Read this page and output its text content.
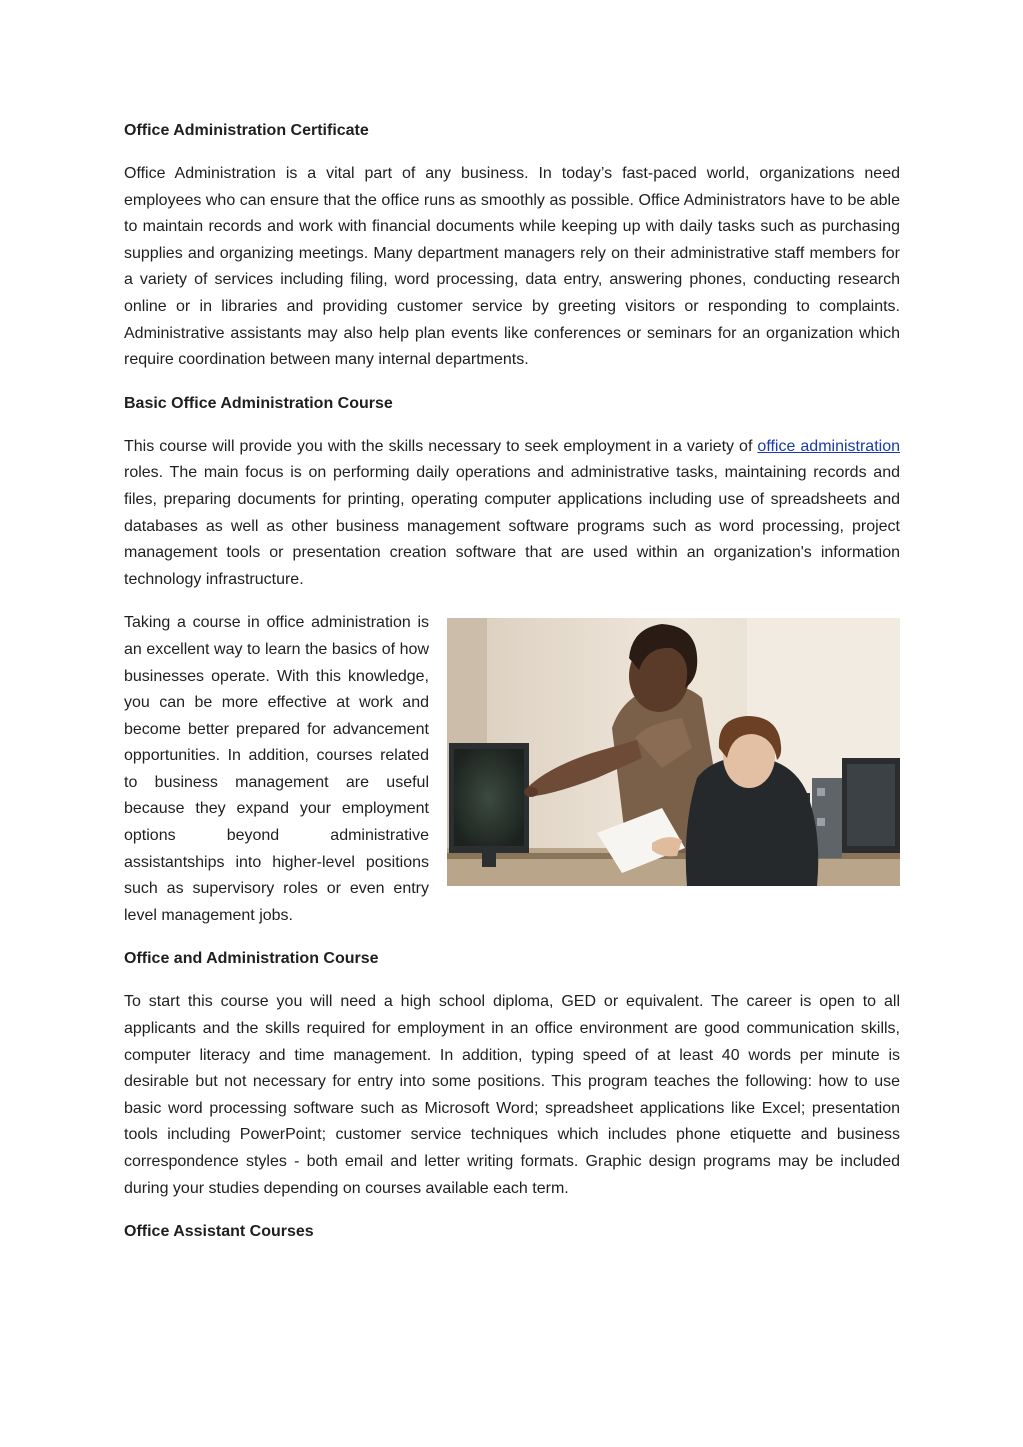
Office Administration Certificate

Office Administration is a vital part of any business. In today’s fast-paced world, organizations need employees who can ensure that the office runs as smoothly as possible. Office Administrators have to be able to maintain records and work with financial documents while keeping up with daily tasks such as purchasing supplies and organizing meetings. Many department managers rely on their administrative staff members for a variety of services including filing, word processing, data entry, answering phones, conducting research online or in libraries and providing customer service by greeting visitors or responding to complaints. Administrative assistants may also help plan events like conferences or seminars for an organization which require coordination between many internal departments.

Basic Office Administration Course

This course will provide you with the skills necessary to seek employment in a variety of office administration roles. The main focus is on performing daily operations and administrative tasks, maintaining records and files, preparing documents for printing, operating computer applications including use of spreadsheets and databases as well as other business management software programs such as word processing, project management tools or presentation creation software that are used within an organization's information technology infrastructure.

Taking a course in office administration is an excellent way to learn the basics of how businesses operate. With this knowledge, you can be more effective at work and become better prepared for advancement opportunities. In addition, courses related to business management are useful because they expand your employment options beyond administrative assistantships into higher-level positions such as supervisory roles or even entry level management jobs.

Office and Administration Course

To start this course you will need a high school diploma, GED or equivalent. The career is open to all applicants and the skills required for employment in an office environment are good communication skills, computer literacy and time management. In addition, typing speed of at least 40 words per minute is desirable but not necessary for entry into some positions. This program teaches the following: how to use basic word processing software such as Microsoft Word; spreadsheet applications like Excel; presentation tools including PowerPoint; customer service techniques which includes phone etiquette and business correspondence styles - both email and letter writing formats. Graphic design programs may be included during your studies depending on courses available each term.

Office Assistant Courses
